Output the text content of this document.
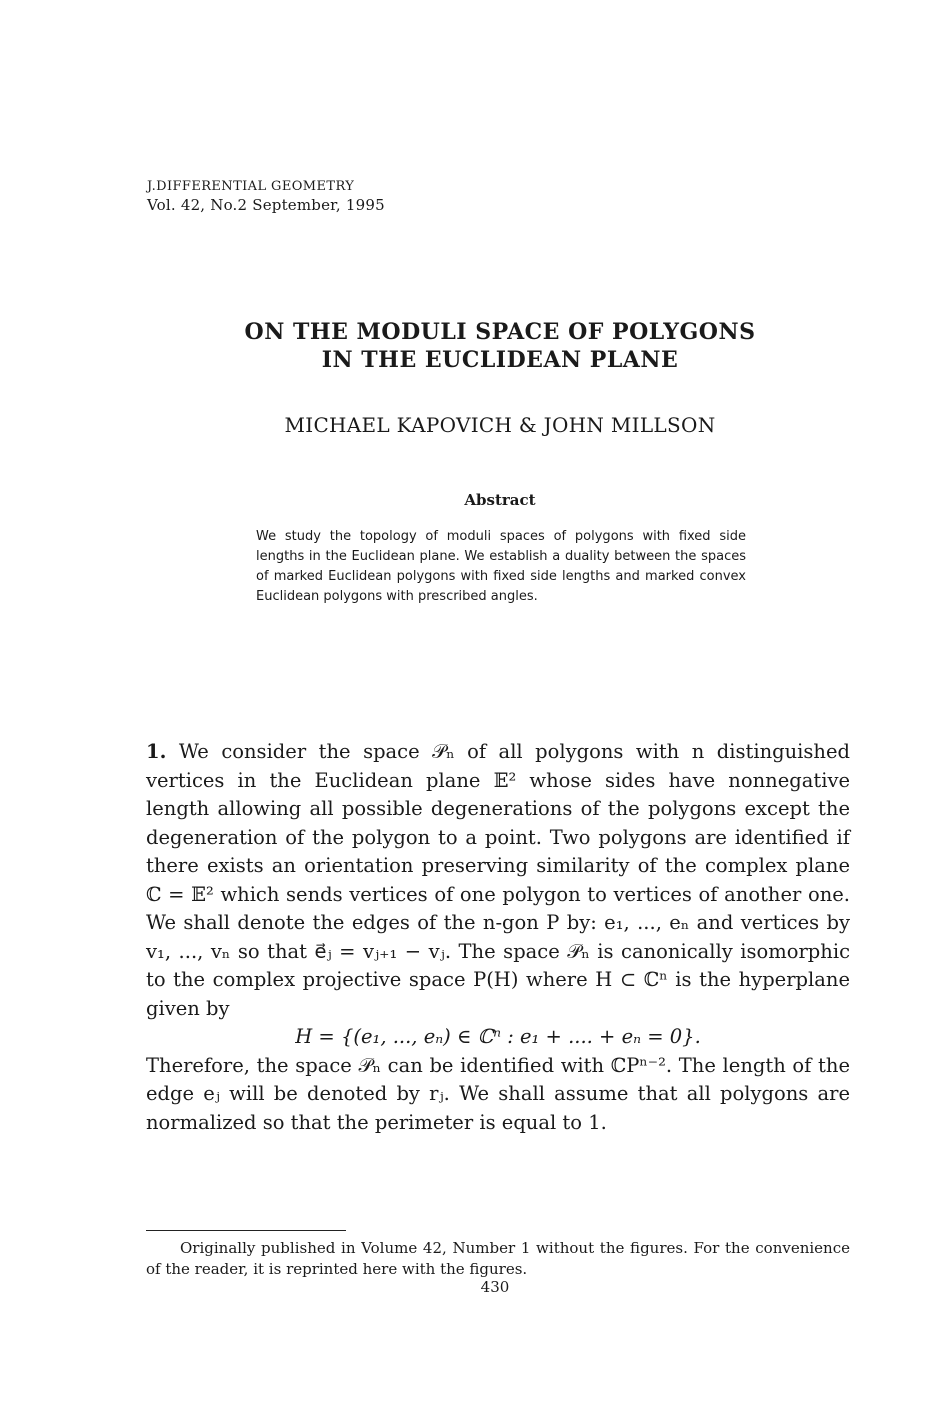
J.DIFFERENTIAL GEOMETRY
Vol. 42, No.2 September, 1995
ON THE MODULI SPACE OF POLYGONS
IN THE EUCLIDEAN PLANE
MICHAEL KAPOVICH & JOHN MILLSON
Abstract
We study the topology of moduli spaces of polygons with fixed side lengths in the Euclidean plane. We establish a duality between the spaces of marked Euclidean polygons with fixed side lengths and marked convex Euclidean polygons with prescribed angles.
1. We consider the space 𝒫ₙ of all polygons with n distinguished vertices in the Euclidean plane 𝔼² whose sides have nonnegative length allowing all possible degenerations of the polygons except the degeneration of the polygon to a point. Two polygons are identified if there exists an orientation preserving similarity of the complex plane ℂ = 𝔼² which sends vertices of one polygon to vertices of another one. We shall denote the edges of the n-gon P by: e₁, ..., eₙ and vertices by v₁, ..., vₙ so that e⃗ⱼ = vⱼ₊₁ − vⱼ. The space 𝒫ₙ is canonically isomorphic to the complex projective space P(H) where H ⊂ ℂⁿ is the hyperplane given by
H = {(e₁, ..., eₙ) ∈ ℂⁿ : e₁ + .... + eₙ = 0}.
Therefore, the space 𝒫ₙ can be identified with ℂPⁿ⁻². The length of the edge eⱼ will be denoted by rⱼ. We shall assume that all polygons are normalized so that the perimeter is equal to 1.
Originally published in Volume 42, Number 1 without the figures. For the convenience of the reader, it is reprinted here with the figures.
430
